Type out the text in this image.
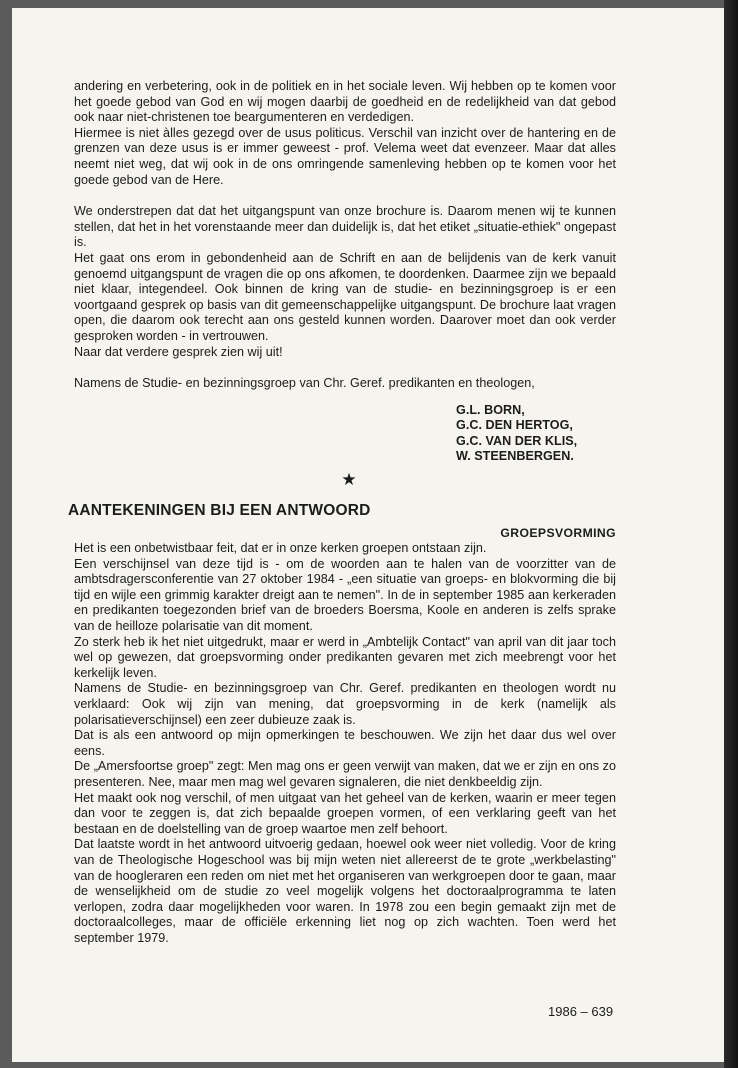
andering en verbetering, ook in de politiek en in het sociale leven. Wij hebben op te komen voor het goede gebod van God en wij mogen daarbij de goedheid en de redelijkheid van dat gebod ook naar niet-christenen toe beargumenteren en verdedigen.

Hiermee is niet àlles gezegd over de usus politicus. Verschil van inzicht over de hantering en de grenzen van deze usus is er immer geweest - prof. Velema weet dat evenzeer. Maar dat alles neemt niet weg, dat wij ook in de ons omringende samenleving hebben op te komen voor het goede gebod van de Here.

We onderstrepen dat dat het uitgangspunt van onze brochure is. Daarom menen wij te kunnen stellen, dat het in het vorenstaande meer dan duidelijk is, dat het etiket „situatie-ethiek" ongepast is.

Het gaat ons erom in gebondenheid aan de Schrift en aan de belijdenis van de kerk vanuit genoemd uitgangspunt de vragen die op ons afkomen, te doordenken. Daarmee zijn we bepaald niet klaar, integendeel. Ook binnen de kring van de studie- en bezinningsgroep is er een voortgaand gesprek op basis van dit gemeenschappelijke uitgangspunt. De brochure laat vragen open, die daarom ook terecht aan ons gesteld kunnen worden. Daarover moet dan ook verder gesproken worden - in vertrouwen.

Naar dat verdere gesprek zien wij uit!

Namens de Studie- en bezinningsgroep van Chr. Geref. predikanten en theologen,

G.L. BORN,
G.C. DEN HERTOG,
G.C. VAN DER KLIS,
W. STEENBERGEN.
★
AANTEKENINGEN BIJ EEN ANTWOORD
GROEPSVORMING

Het is een onbetwistbaar feit, dat er in onze kerken groepen ontstaan zijn.

Een verschijnsel van deze tijd is - om de woorden aan te halen van de voorzitter van de ambtsdragersconferentie van 27 oktober 1984 - „een situatie van groeps- en blokvorming die bij tijd en wijle een grimmig karakter dreigt aan te nemen". In de in september 1985 aan kerkeraden en predikanten toegezonden brief van de broeders Boersma, Koole en anderen is zelfs sprake van de heilloze polarisatie van dit moment.

Zo sterk heb ik het niet uitgedrukt, maar er werd in „Ambtelijk Contact" van april van dit jaar toch wel op gewezen, dat groepsvorming onder predikanten gevaren met zich meebrengt voor het kerkelijk leven.

Namens de Studie- en bezinningsgroep van Chr. Geref. predikanten en theologen wordt nu verklaard: Ook wij zijn van mening, dat groepsvorming in de kerk (namelijk als polarisatieverschijnsel) een zeer dubieuze zaak is.

Dat is als een antwoord op mijn opmerkingen te beschouwen. We zijn het daar dus wel over eens.

De „Amersfoortse groep" zegt: Men mag ons er geen verwijt van maken, dat we er zijn en ons zo presenteren. Nee, maar men mag wel gevaren signaleren, die niet denkbeeldig zijn.

Het maakt ook nog verschil, of men uitgaat van het geheel van de kerken, waarin er meer tegen dan voor te zeggen is, dat zich bepaalde groepen vormen, of een verklaring geeft van het bestaan en de doelstelling van de groep waartoe men zelf behoort.

Dat laatste wordt in het antwoord uitvoerig gedaan, hoewel ook weer niet volledig. Voor de kring van de Theologische Hogeschool was bij mijn weten niet allereerst de te grote „werkbelasting" van de hoogleraren een reden om niet met het organiseren van werkgroepen door te gaan, maar de wenselijkheid om de studie zo veel mogelijk volgens het doctoraalprogramma te laten verlopen, zodra daar mogelijkheden voor waren. In 1978 zou een begin gemaakt zijn met de doctoraalcolleges, maar de officiële erkenning liet nog op zich wachten. Toen werd het september 1979.

1986 – 639
